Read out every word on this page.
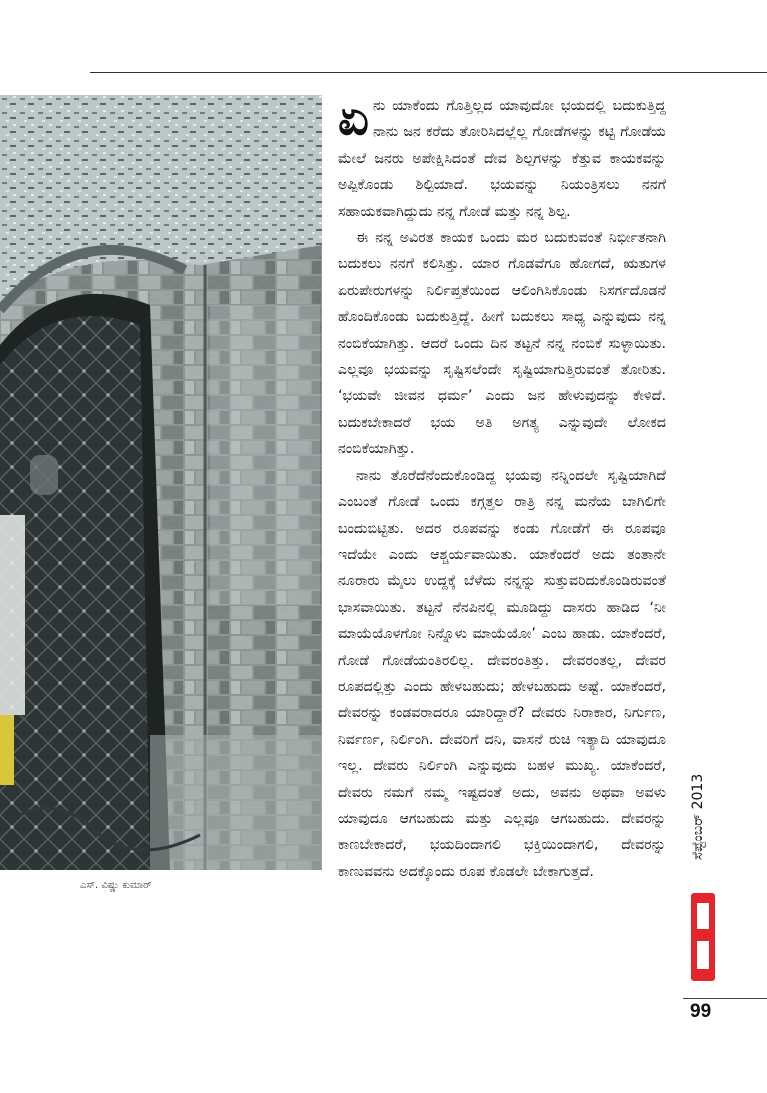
ಎಸ್. ವಿಷ್ಣು ಕುಮಾರ್

ಏನು ಯಾಕೆಂದು ಗೊತ್ತಿಲ್ಲದ ಯಾವುದೋ ಭಯದಲ್ಲಿ ಬದುಕುತ್ತಿದ್ದ ನಾನು ಜನ ಕರೆದು ತೋರಿಸಿದಲ್ಲೆಲ್ಲ ಗೋಡೆಗಳನ್ನು ಕಟ್ಟಿ ಗೋಡೆಯ ಮೇಲೆ ಜನರು ಅಪೇಕ್ಷಿಸಿದಂತೆ ದೇವ ಶಿಲ್ಪಗಳನ್ನು ಕೆತ್ತುವ ಕಾಯಕವನ್ನು ಅಪ್ಪಿಕೊಂಡು ಶಿಲ್ಪಿಯಾದೆ. ಭಯವನ್ನು ನಿಯಂತ್ರಿಸಲು ನನಗೆ ಸಹಾಯಕವಾಗಿದ್ದುದು ನನ್ನ ಗೋಡೆ ಮತ್ತು ನನ್ನ ಶಿಲ್ಪ.

ಈ ನನ್ನ ಅವಿರತ ಕಾಯಕ ಒಂದು ಮರ ಬದುಕುವಂತೆ ನಿರ್ಭೀತನಾಗಿ ಬದುಕಲು ನನಗೆ ಕಲಿಸಿತ್ತು. ಯಾರ ಗೊಡವೆಗೂ ಹೋಗದೆ, ಋತುಗಳ ಏರುಪೇರುಗಳನ್ನು ನಿರ್ಲಿಪ್ತತೆಯಿಂದ ಆಲಿಂಗಿಸಿಕೊಂಡು ನಿಸರ್ಗದೊಡನೆ ಹೊಂದಿಕೊಂಡು ಬದುಕುತ್ತಿದ್ದೆ. ಹೀಗೆ ಬದುಕಲು ಸಾಧ್ಯ ಎನ್ನುವುದು ನನ್ನ ನಂಬಿಕೆಯಾಗಿತ್ತು. ಆದರೆ ಒಂದು ದಿನ ತಟ್ಟನೆ ನನ್ನ ನಂಬಿಕೆ ಸುಳ್ಳಾಯಿತು. ಎಲ್ಲವೂ ಭಯವನ್ನು ಸೃಷ್ಟಿಸಲೆಂದೇ ಸೃಷ್ಟಿಯಾಗುತ್ತಿರುವಂತೆ ತೋರಿತು. ‘ಭಯವೇ ಜೀವನ ಧರ್ಮ’ ಎಂದು ಜನ ಹೇಳುವುದನ್ನು ಕೇಳಿದೆ. ಬದುಕಬೇಕಾದರೆ ಭಯ ಅತಿ ಅಗತ್ಯ ಎನ್ನುವುದೇ ಲೋಕದ ನಂಬಿಕೆಯಾಗಿತ್ತು.

ನಾನು ತೊರೆದೆನೆಂದುಕೊಂಡಿದ್ದ ಭಯವು ನನ್ನಿಂದಲೇ ಸೃಷ್ಟಿಯಾಗಿದೆ ಎಂಬಂತೆ ಗೋಡೆ ಒಂದು ಕಗ್ಗತ್ತಲ ರಾತ್ರಿ ನನ್ನ ಮನೆಯ ಬಾಗಿಲಿಗೇ ಬಂದುಬಿಟ್ಟಿತು. ಅದರ ರೂಪವನ್ನು ಕಂಡು ಗೋಡೆಗೆ ಈ ರೂಪವೂ ಇದೆಯೇ ಎಂದು ಆಶ್ಚರ್ಯವಾಯಿತು. ಯಾಕೆಂದರೆ ಅದು ತಂತಾನೇ ನೂರಾರು ಮೈಲು ಉದ್ದಕ್ಕೆ ಬೆಳೆದು ನನ್ನನ್ನು ಸುತ್ತುವರಿದುಕೊಂಡಿರುವಂತೆ ಭಾಸವಾಯಿತು. ತಟ್ಟನೆ ನೆನಪಿನಲ್ಲಿ ಮೂಡಿದ್ದು ದಾಸರು ಹಾಡಿದ ‘ನೀ ಮಾಯೆಯೊಳಗೋ ನಿನ್ನೊಳು ಮಾಯೆಯೋ’ ಎಂಬ ಹಾಡು. ಯಾಕೆಂದರೆ, ಗೋಡೆ ಗೋಡೆಯಂತಿರಲಿಲ್ಲ. ದೇವರಂತಿತ್ತು. ದೇವರಂತಲ್ಲ, ದೇವರ ರೂಪದಲ್ಲಿತ್ತು ಎಂದು ಹೇಳಬಹುದು; ಹೇಳಬಹುದು ಅಷ್ಟೆ. ಯಾಕೆಂದರೆ, ದೇವರನ್ನು ಕಂಡವರಾದರೂ ಯಾರಿದ್ದಾರೆ? ದೇವರು ನಿರಾಕಾರ, ನಿರ್ಗುಣ, ನಿರ್ವರ್ಣ, ನಿರ್ಲಿಂಗಿ. ದೇವರಿಗೆ ದನಿ, ವಾಸನೆ ರುಚಿ ಇತ್ಯಾದಿ ಯಾವುದೂ ಇಲ್ಲ. ದೇವರು ನಿರ್ಲಿಂಗಿ ಎನ್ನುವುದು ಬಹಳ ಮುಖ್ಯ. ಯಾಕೆಂದರೆ, ದೇವರು ನಮಗೆ ನಮ್ಮ ಇಷ್ಟದಂತೆ ಅದು, ಅವನು ಅಥವಾ ಅವಳು ಯಾವುದೂ ಆಗಬಹುದು ಮತ್ತು ಎಲ್ಲವೂ ಆಗಬಹುದು. ದೇವರನ್ನು ಕಾಣಬೇಕಾದರೆ, ಭಯದಿಂದಾಗಲಿ ಭಕ್ತಿಯಿಂದಾಗಲಿ, ದೇವರನ್ನು ಕಾಣುವವನು ಅದಕ್ಕೊಂದು ರೂಪ ಕೊಡಲೇ ಬೇಕಾಗುತ್ತದೆ.

ಸೆಪ್ಟೆಂಬರ್ 2013
99
